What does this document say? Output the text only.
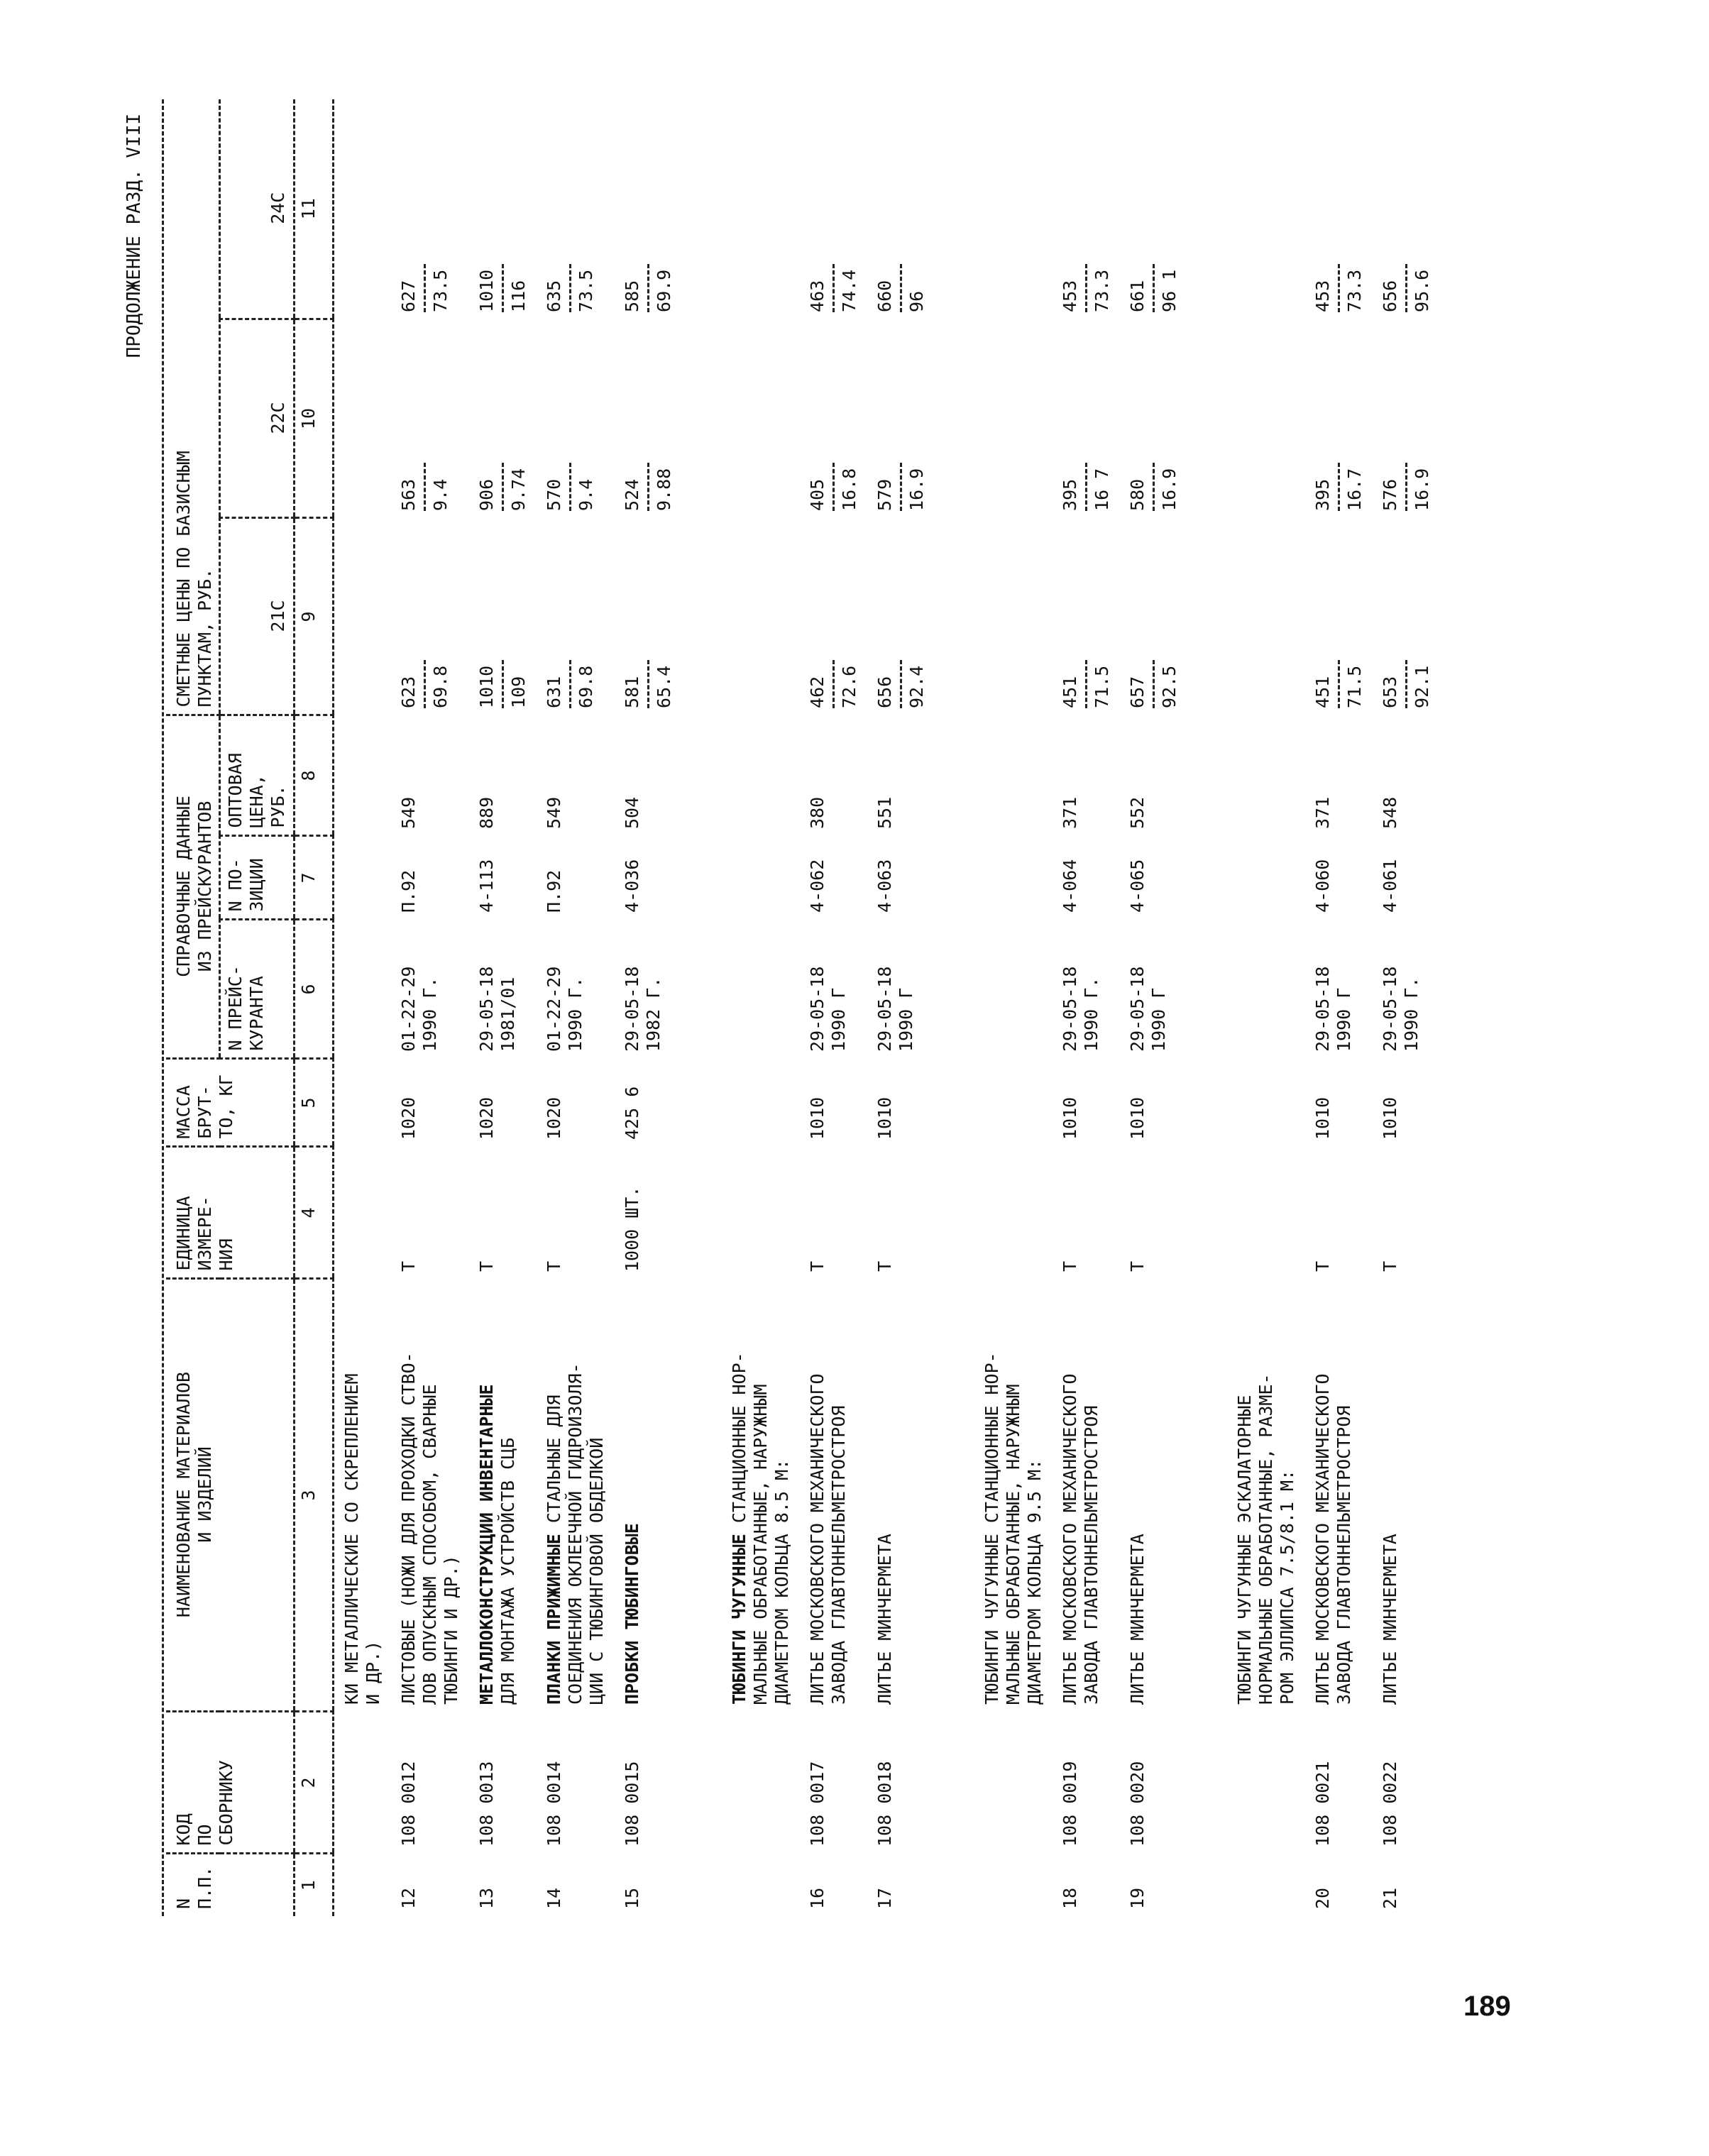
ПРОДОЛЖЕНИЕ РАЗД. VIII
N
П.П.	КОД
ПО
СБОРНИКУ	НАИМЕНОВАНИЕ МАТЕРИАЛОВ
И ИЗДЕЛИЙ	ЕДИНИЦА
ИЗМЕРЕ-
НИЯ	МАССА
БРУТ-
ТО, КГ	СПРАВОЧНЫЕ ДАННЫЕ
ИЗ ПРЕЙСКУРАНТОВ			СМЕТНЫЕ ЦЕНЫ ПО БАЗИСНЫМ
ПУНКТАМ, РУБ.		
					N ПРЕЙС-
КУРАНТА	N ПО-
ЗИЦИИ	ОПТОВАЯ
ЦЕНА, РУБ.	21С	22С	24С
1	2	3	4	5	6	7	8	9	10	11
		КИ МЕТАЛЛИЧЕСКИЕ СО СКРЕПЛЕНИЕМ
И ДР.)								
12	108 0012	ЛИСТОВЫЕ (НОЖИ ДЛЯ ПРОХОДКИ СТВО-
ЛОВ ОПУСКНЫМ СПОСОБОМ, СВАРНЫЕ
ТЮБИНГИ И ДР.)	Т	1020	01-22-29
1990 Г.	П.92	549	623 69.8	563 9.4	627 73.5

13	108 0013	МЕТАЛЛОКОНСТРУКЦИИ ИНВЕНТАРНЫЕ
ДЛЯ МОНТАЖА УСТРОЙСТВ СЦБ	Т	1020	29-05-18
1981/01	4-113	889	1010 109	906 9.74	1010 116

14	108 0014	ПЛАНКИ ПРИЖИМНЫЕ СТАЛЬНЫЕ ДЛЯ
СОЕДИНЕНИЯ ОКЛЕЕЧНОЙ ГИДРОИЗОЛЯ-
ЦИИ С ТЮБИНГОВОЙ ОБДЕЛКОЙ	Т	1020	01-22-29
1990 Г.	П.92	549	631 69.8	570 9.4	635 73.5

15	108 0015	ПРОБКИ ТЮБИНГОВЫЕ	1000 ШТ.	425 6	29-05-18
1982 Г.	4-036	504	581 65.4	524 9.88	585 69.9

		ТЮБИНГИ ЧУГУННЫЕ СТАНЦИОННЫЕ НОР-
МАЛЬНЫЕ ОБРАБОТАННЫЕ, НАРУЖНЫМ
ДИАМЕТРОМ КОЛЬЦА 8.5 М:								
16	108 0017	ЛИТЬЕ МОСКОВСКОГО МЕХАНИЧЕСКОГО
ЗАВОДА ГЛАВТОННЕЛЬМЕТРОСТРОЯ	Т	1010	29-05-18
1990 Г	4-062	380	462 72.6	405 16.8	463 74.4

17	108 0018	ЛИТЬЕ МИНЧЕРМЕТА	Т	1010	29-05-18
1990 Г	4-063	551	656 92.4	579 16.9	660 96

		ТЮБИНГИ ЧУГУННЫЕ СТАНЦИОННЫЕ НОР-
МАЛЬНЫЕ ОБРАБОТАННЫЕ, НАРУЖНЫМ
ДИАМЕТРОМ КОЛЬЦА 9.5 М:								
18	108 0019	ЛИТЬЕ МОСКОВСКОГО МЕХАНИЧЕСКОГО
ЗАВОДА ГЛАВТОННЕЛЬМЕТРОСТРОЯ	Т	1010	29-05-18
1990 Г.	4-064	371	451 71.5	395 16 7	453 73.3

19	108 0020	ЛИТЬЕ МИНЧЕРМЕТА	Т	1010	29-05-18
1990 Г	4-065	552	657 92.5	580 16.9	661 96 1

		ТЮБИНГИ ЧУГУННЫЕ ЭСКАЛАТОРНЫЕ
НОРМАЛЬНЫЕ ОБРАБОТАННЫЕ, РАЗМЕ-
РОМ ЭЛЛИПСА 7.5/8.1 М:								
20	108 0021	ЛИТЬЕ МОСКОВСКОГО МЕХАНИЧЕСКОГО
ЗАВОДА ГЛАВТОННЕЛЬМЕТРОСТРОЯ	Т	1010	29-05-18
1990 Г	4-060	371	451 71.5	395 16.7	453 73.3

21	108 0022	ЛИТЬЕ МИНЧЕРМЕТА	Т	1010	29-05-18
1990 Г.	4-061	548	653 92.1	576 16.9	656 95.6
189
